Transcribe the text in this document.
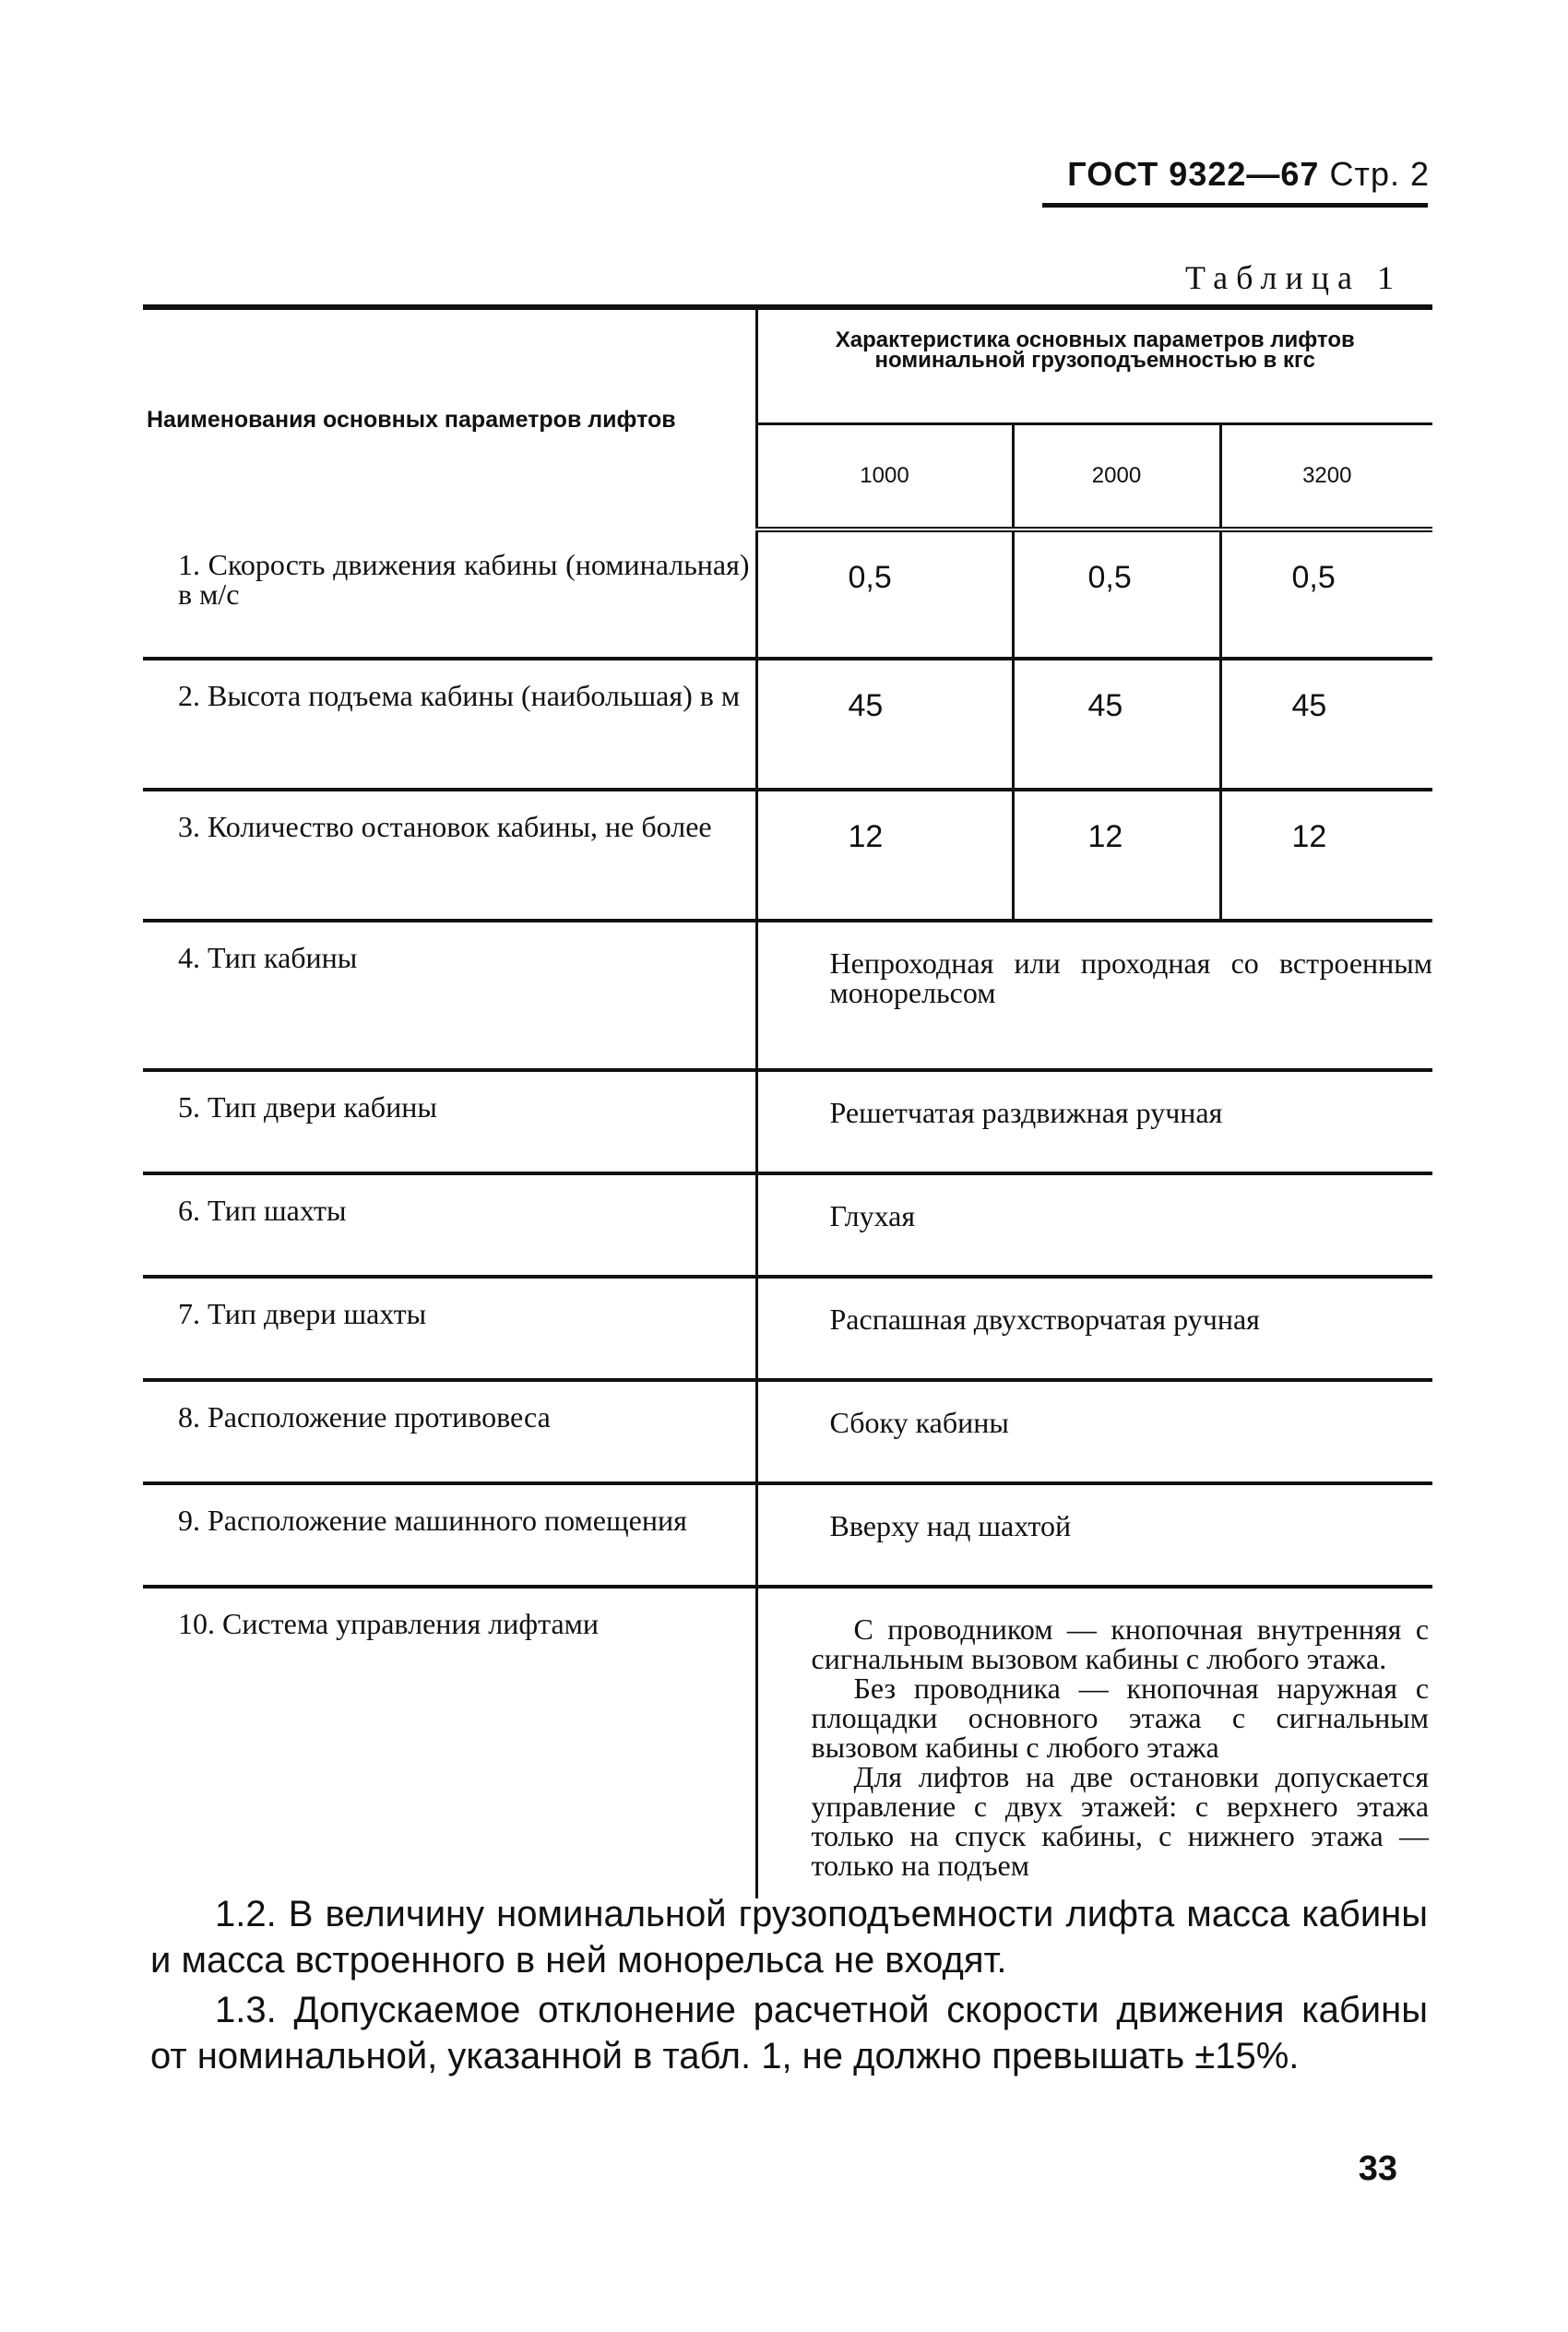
ГОСТ 9322—67 Стр. 2
Таблица 1
Наименования основных параметров лифтов	Характеристика основных параметров лифтов номинальной грузоподъемностью в кгс		
	1000	2000	3200
1. Скорость движения кабины (номинальная) в м/с	0,5	0,5	0,5
2. Высота подъема кабины (наибольшая) в м	45	45	45
3. Количество остановок кабины, не более	12	12	12
4. Тип кабины	Непроходная или проходная со встроенным монорельсом		
5. Тип двери кабины	Решетчатая раздвижная ручная		
6. Тип шахты	Глухая		
7. Тип двери шахты	Распашная двухстворчатая ручная		
8. Расположение противовеса	Сбоку кабины		
9. Расположение машинного помещения	Вверху над шахтой		
10. Система управления лифтами	С проводником — кнопочная внутренняя с сигнальным вызовом кабины с любого этажа.
Без проводника — кнопочная наружная с площадки основного этажа с сигнальным вызовом кабины с любого этажа
Для лифтов на две остановки допускается управление с двух этажей: с верхнего этажа только на спуск кабины, с нижнего этажа — только на подъем		

1.2. В величину номинальной грузоподъемности лифта масса кабины и масса встроенного в ней монорельса не входят.

1.3. Допускаемое отклонение расчетной скорости движения кабины от номинальной, указанной в табл. 1, не должно превышать ±15%.

33
